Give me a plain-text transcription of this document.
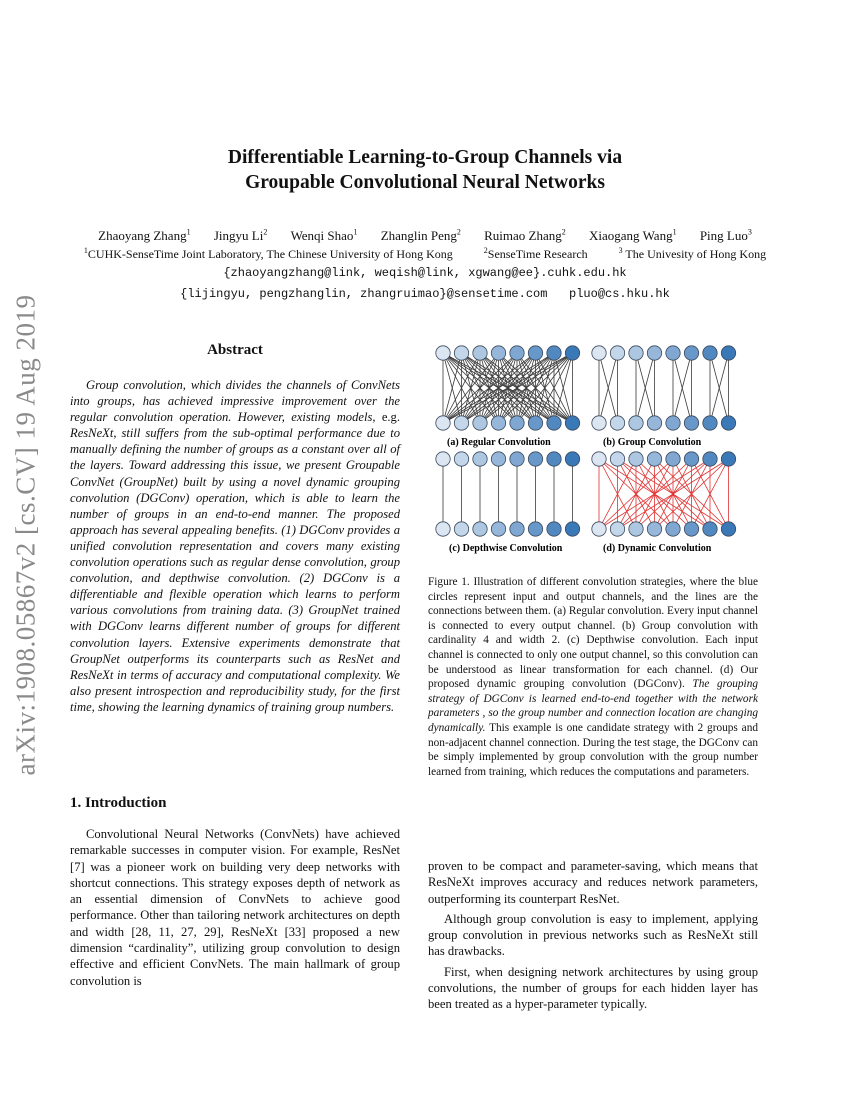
arXiv:1908.05867v2 [cs.CV] 19 Aug 2019
Differentiable Learning-to-Group Channels via
Groupable Convolutional Neural Networks
Zhaoyang Zhang$^1$ Jingyu Li$^2$ Wenqi Shao$^1$ Zhanglin Peng$^2$ Ruimao Zhang$^2$ Xiaogang Wang$^1$ Ping Luo$^3$
$^1$CUHK-SenseTime Joint Laboratory, The Chinese University of Hong Kong	$^2$SenseTime Research	$^3$ The Univesity of Hong Kong
{zhaoyangzhang@link, weqish@link, xgwang@ee}.cuhk.edu.hk
{lijingyu, pengzhanglin, zhangruimao}@sensetime.com   pluo@cs.hku.hk
Abstract
Group convolution, which divides the channels of ConvNets into groups, has achieved impressive improvement over the regular convolution operation. However, existing models, e.g. ResNeXt, still suffers from the sub-optimal performance due to manually defining the number of groups as a constant over all of the layers. Toward addressing this issue, we present Groupable ConvNet (GroupNet) built by using a novel dynamic grouping convolution (DGConv) operation, which is able to learn the number of groups in an end-to-end manner. The proposed approach has several appealing benefits. (1) DGConv provides a unified convolution representation and covers many existing convolution operations such as regular dense convolution, group convolution, and depthwise convolution. (2) DGConv is a differentiable and flexible operation which learns to perform various convolutions from training data. (3) GroupNet trained with DGConv learns different number of groups for different convolution layers. Extensive experiments demonstrate that GroupNet outperforms its counterparts such as ResNet and ResNeXt in terms of accuracy and computational complexity. We also present introspection and reproducibility study, for the first time, showing the learning dynamics of training group numbers.
(a) Regular Convolution	(b) Group Convolution
(c) Depthwise Convolution	(d) Dynamic Convolution
Figure 1. Illustration of different convolution strategies, where the blue circles represent input and output channels, and the lines are the connections between them. (a) Regular convolution. Every input channel is connected to every output channel. (b) Group convolution with cardinality 4 and width 2. (c) Depthwise convolution. Each input channel is connected to only one output channel, so this convolution can be understood as linear transformation for each channel. (d) Our proposed dynamic grouping convolution (DGConv). The grouping strategy of DGConv is learned end-to-end together with the network parameters , so the group number and connection location are changing dynamically. This example is one candidate strategy with 2 groups and non-adjacent channel connection. During the test stage, the DGConv can be simply implemented by group convolution with the group number learned from training, which reduces the computations and parameters.
1. Introduction
Convolutional Neural Networks (ConvNets) have achieved remarkable successes in computer vision. For example, ResNet [7] was a pioneer work on building very deep networks with shortcut connections. This strategy exposes depth of network as an essential dimension of ConvNets to achieve good performance. Other than tailoring network architectures on depth and width [28, 11, 27, 29], ResNeXt [33] proposed a new dimension “cardinality”, utilizing group convolution to design effective and efficient ConvNets. The main hallmark of group convolution is

proven to be compact and parameter-saving, which means that ResNeXt improves accuracy and reduces network parameters, outperforming its counterpart ResNet.

Although group convolution is easy to implement, applying group convolution in previous networks such as ResNeXt still has drawbacks.

First, when designing network architectures by using group convolutions, the number of groups for each hidden layer has been treated as a hyper-parameter typically.
